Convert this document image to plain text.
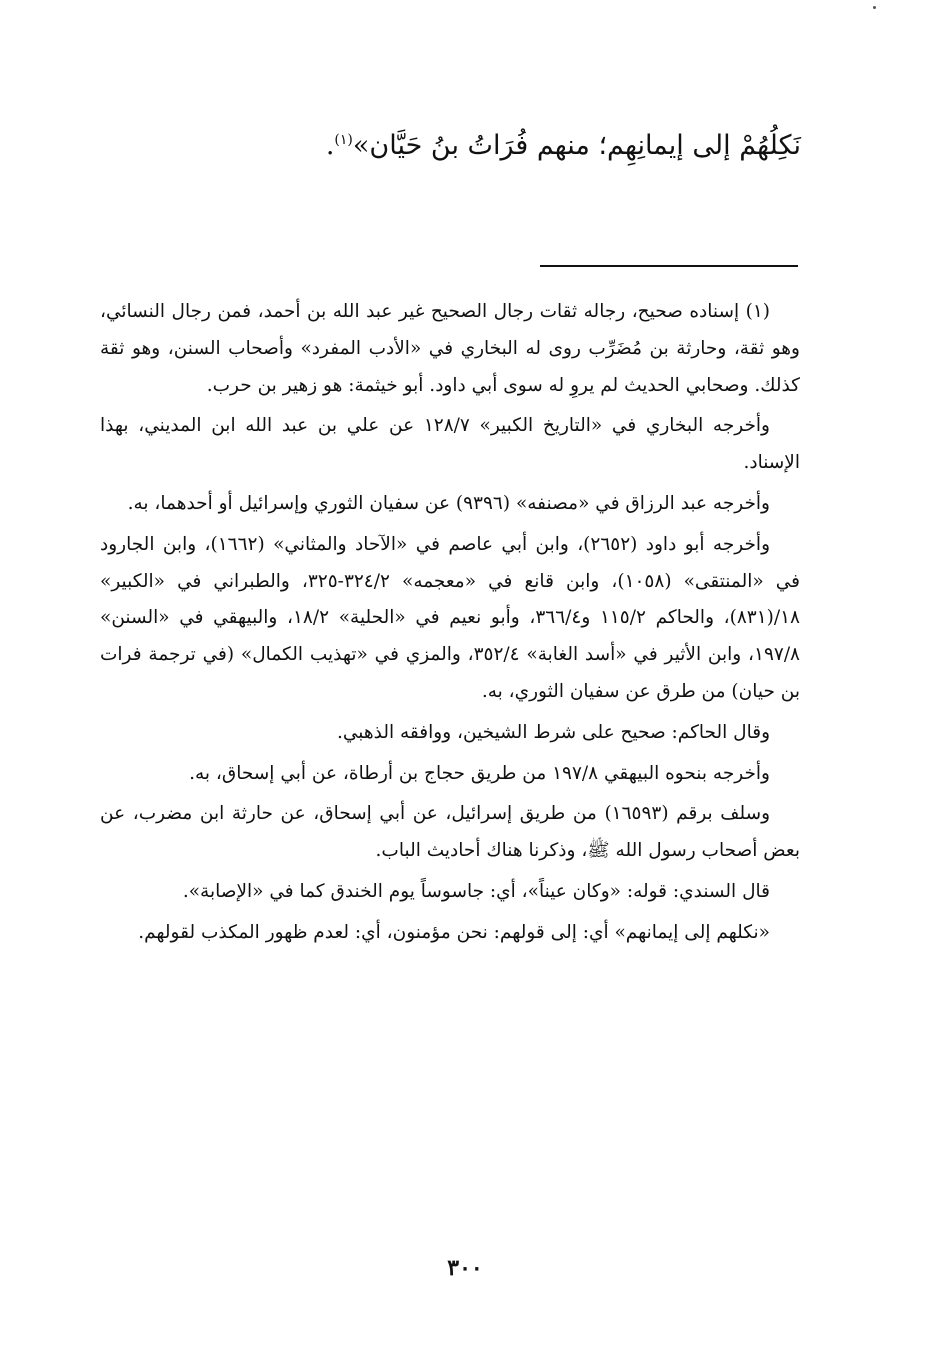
نَكِلُهُمْ إلى إيمانِهِم؛ منهم فُرَاتُ بنُ حَيَّان»$^{(١)}$.

(١) إسناده صحيح، رجاله ثقات رجال الصحيح غير عبد الله بن أحمد، فمن رجال النسائي، وهو ثقة، وحارثة بن مُضَرِّب روى له البخاري في «الأدب المفرد» وأصحاب السنن، وهو ثقة كذلك. وصحابي الحديث لم يروِ له سوى أبي داود. أبو خيثمة: هو زهير بن حرب.

وأخرجه البخاري في «التاريخ الكبير» ١٢٨/٧ عن علي بن عبد الله ابن المديني، بهذا الإسناد.

وأخرجه عبد الرزاق في «مصنفه» (٩٣٩٦) عن سفيان الثوري وإسرائيل أو أحدهما، به.

وأخرجه أبو داود (٢٦٥٢)، وابن أبي عاصم في «الآحاد والمثاني» (١٦٦٢)، وابن الجارود في «المنتقى» (١٠٥٨)، وابن قانع في «معجمه» ٣٢٤/٢-٣٢٥، والطبراني في «الكبير» ١٨/(٨٣١)، والحاكم ١١٥/٢ و٣٦٦/٤، وأبو نعيم في «الحلية» ١٨/٢، والبيهقي في «السنن» ١٩٧/٨، وابن الأثير في «أسد الغابة» ٣٥٢/٤، والمزي في «تهذيب الكمال» (في ترجمة فرات بن حيان) من طرق عن سفيان الثوري، به.

وقال الحاكم: صحيح على شرط الشيخين، ووافقه الذهبي.

وأخرجه بنحوه البيهقي ١٩٧/٨ من طريق حجاج بن أرطاة، عن أبي إسحاق، به.

وسلف برقم (١٦٥٩٣) من طريق إسرائيل، عن أبي إسحاق، عن حارثة ابن مضرب، عن بعض أصحاب رسول الله ﷺ، وذكرنا هناك أحاديث الباب.

قال السندي: قوله: «وكان عيناً»، أي: جاسوساً يوم الخندق كما في «الإصابة».

«نكلهم إلى إيمانهم» أي: إلى قولهم: نحن مؤمنون، أي: لعدم ظهور المكذب لقولهم.

٣٠٠
